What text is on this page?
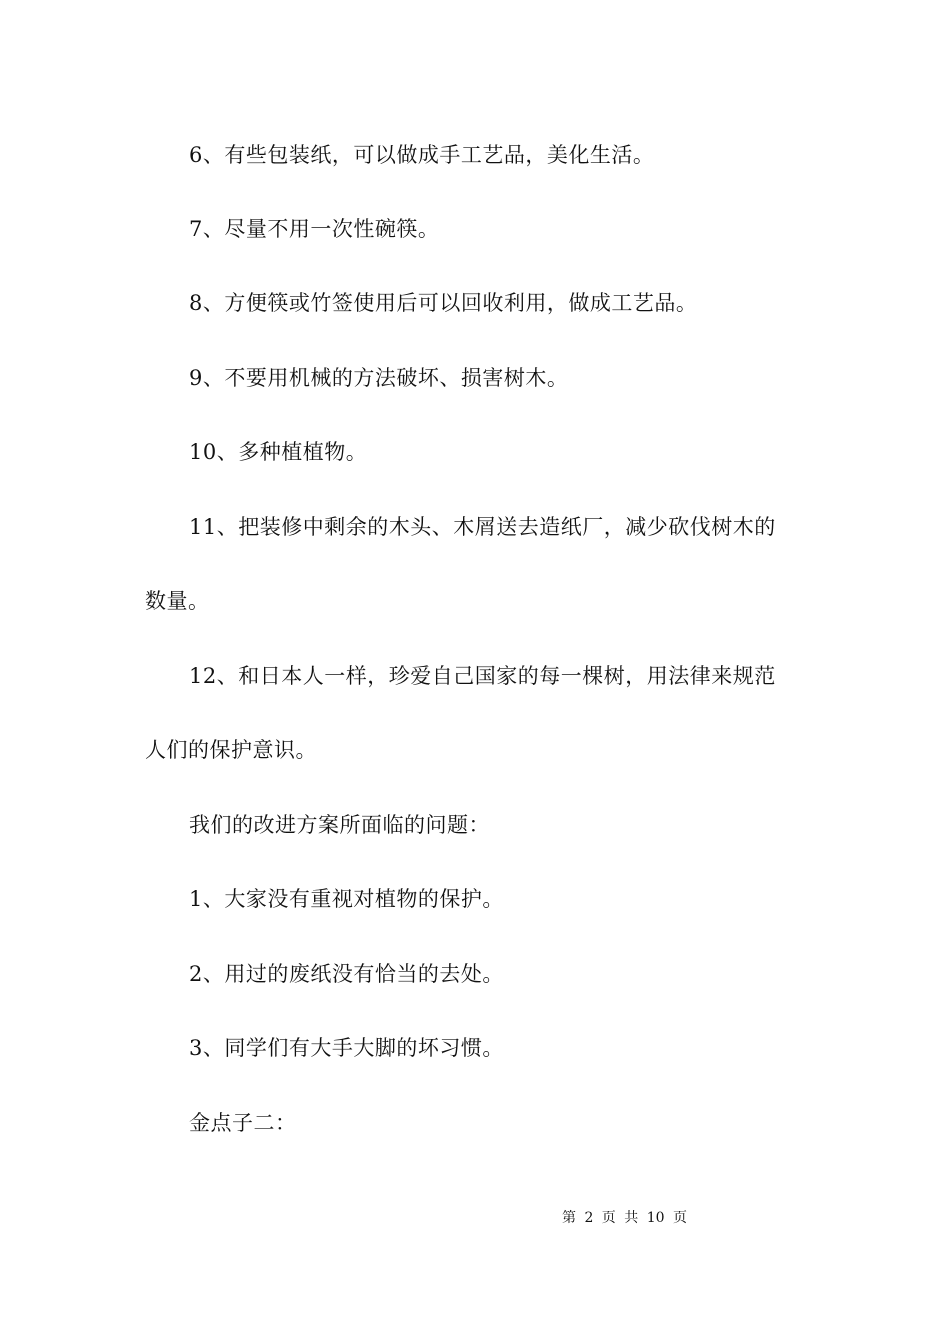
6、有些包装纸，可以做成手工艺品，美化生活。
7、尽量不用一次性碗筷。
8、方便筷或竹签使用后可以回收利用，做成工艺品。
9、不要用机械的方法破坏、损害树木。
10、多种植植物。
11、把装修中剩余的木头、木屑送去造纸厂，减少砍伐树木的
数量。
12、和日本人一样，珍爱自己国家的每一棵树，用法律来规范
人们的保护意识。
我们的改进方案所面临的问题：
1、大家没有重视对植物的保护。
2、用过的废纸没有恰当的去处。
3、同学们有大手大脚的坏习惯。
金点子二：
第 2 页 共 10 页
